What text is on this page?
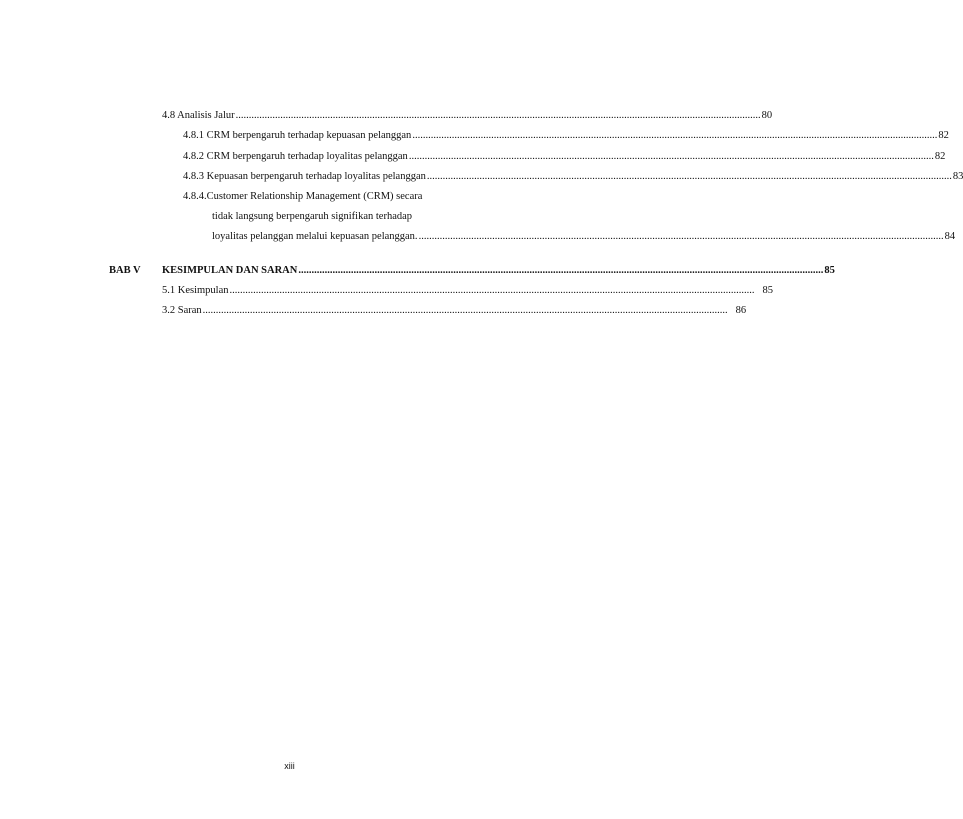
4.8 Analisis Jalur ........................................................................................................................................................................................................ 80
4.8.1 CRM berpengaruh terhadap kepuasan pelanggan ........................................................................................................................................................................................................ 82
4.8.2 CRM berpengaruh terhadap loyalitas pelanggan ........................................................................................................................................................................................................ 82
4.8.3 Kepuasan berpengaruh terhadap loyalitas pelanggan ........................................................................................................................................................................................................ 83
4.8.4.Customer Relationship Management (CRM) secara
tidak langsung berpengaruh signifikan terhadap
loyalitas pelanggan melalui kepuasan pelanggan. ........................................................................................................................................................................................................ 84
BAB V KESIMPULAN DAN SARAN ........................................................................................................................................................................................................ 85
5.1 Kesimpulan ........................................................................................................................................................................................................ 85
3.2 Saran ........................................................................................................................................................................................................ 86
xiii
